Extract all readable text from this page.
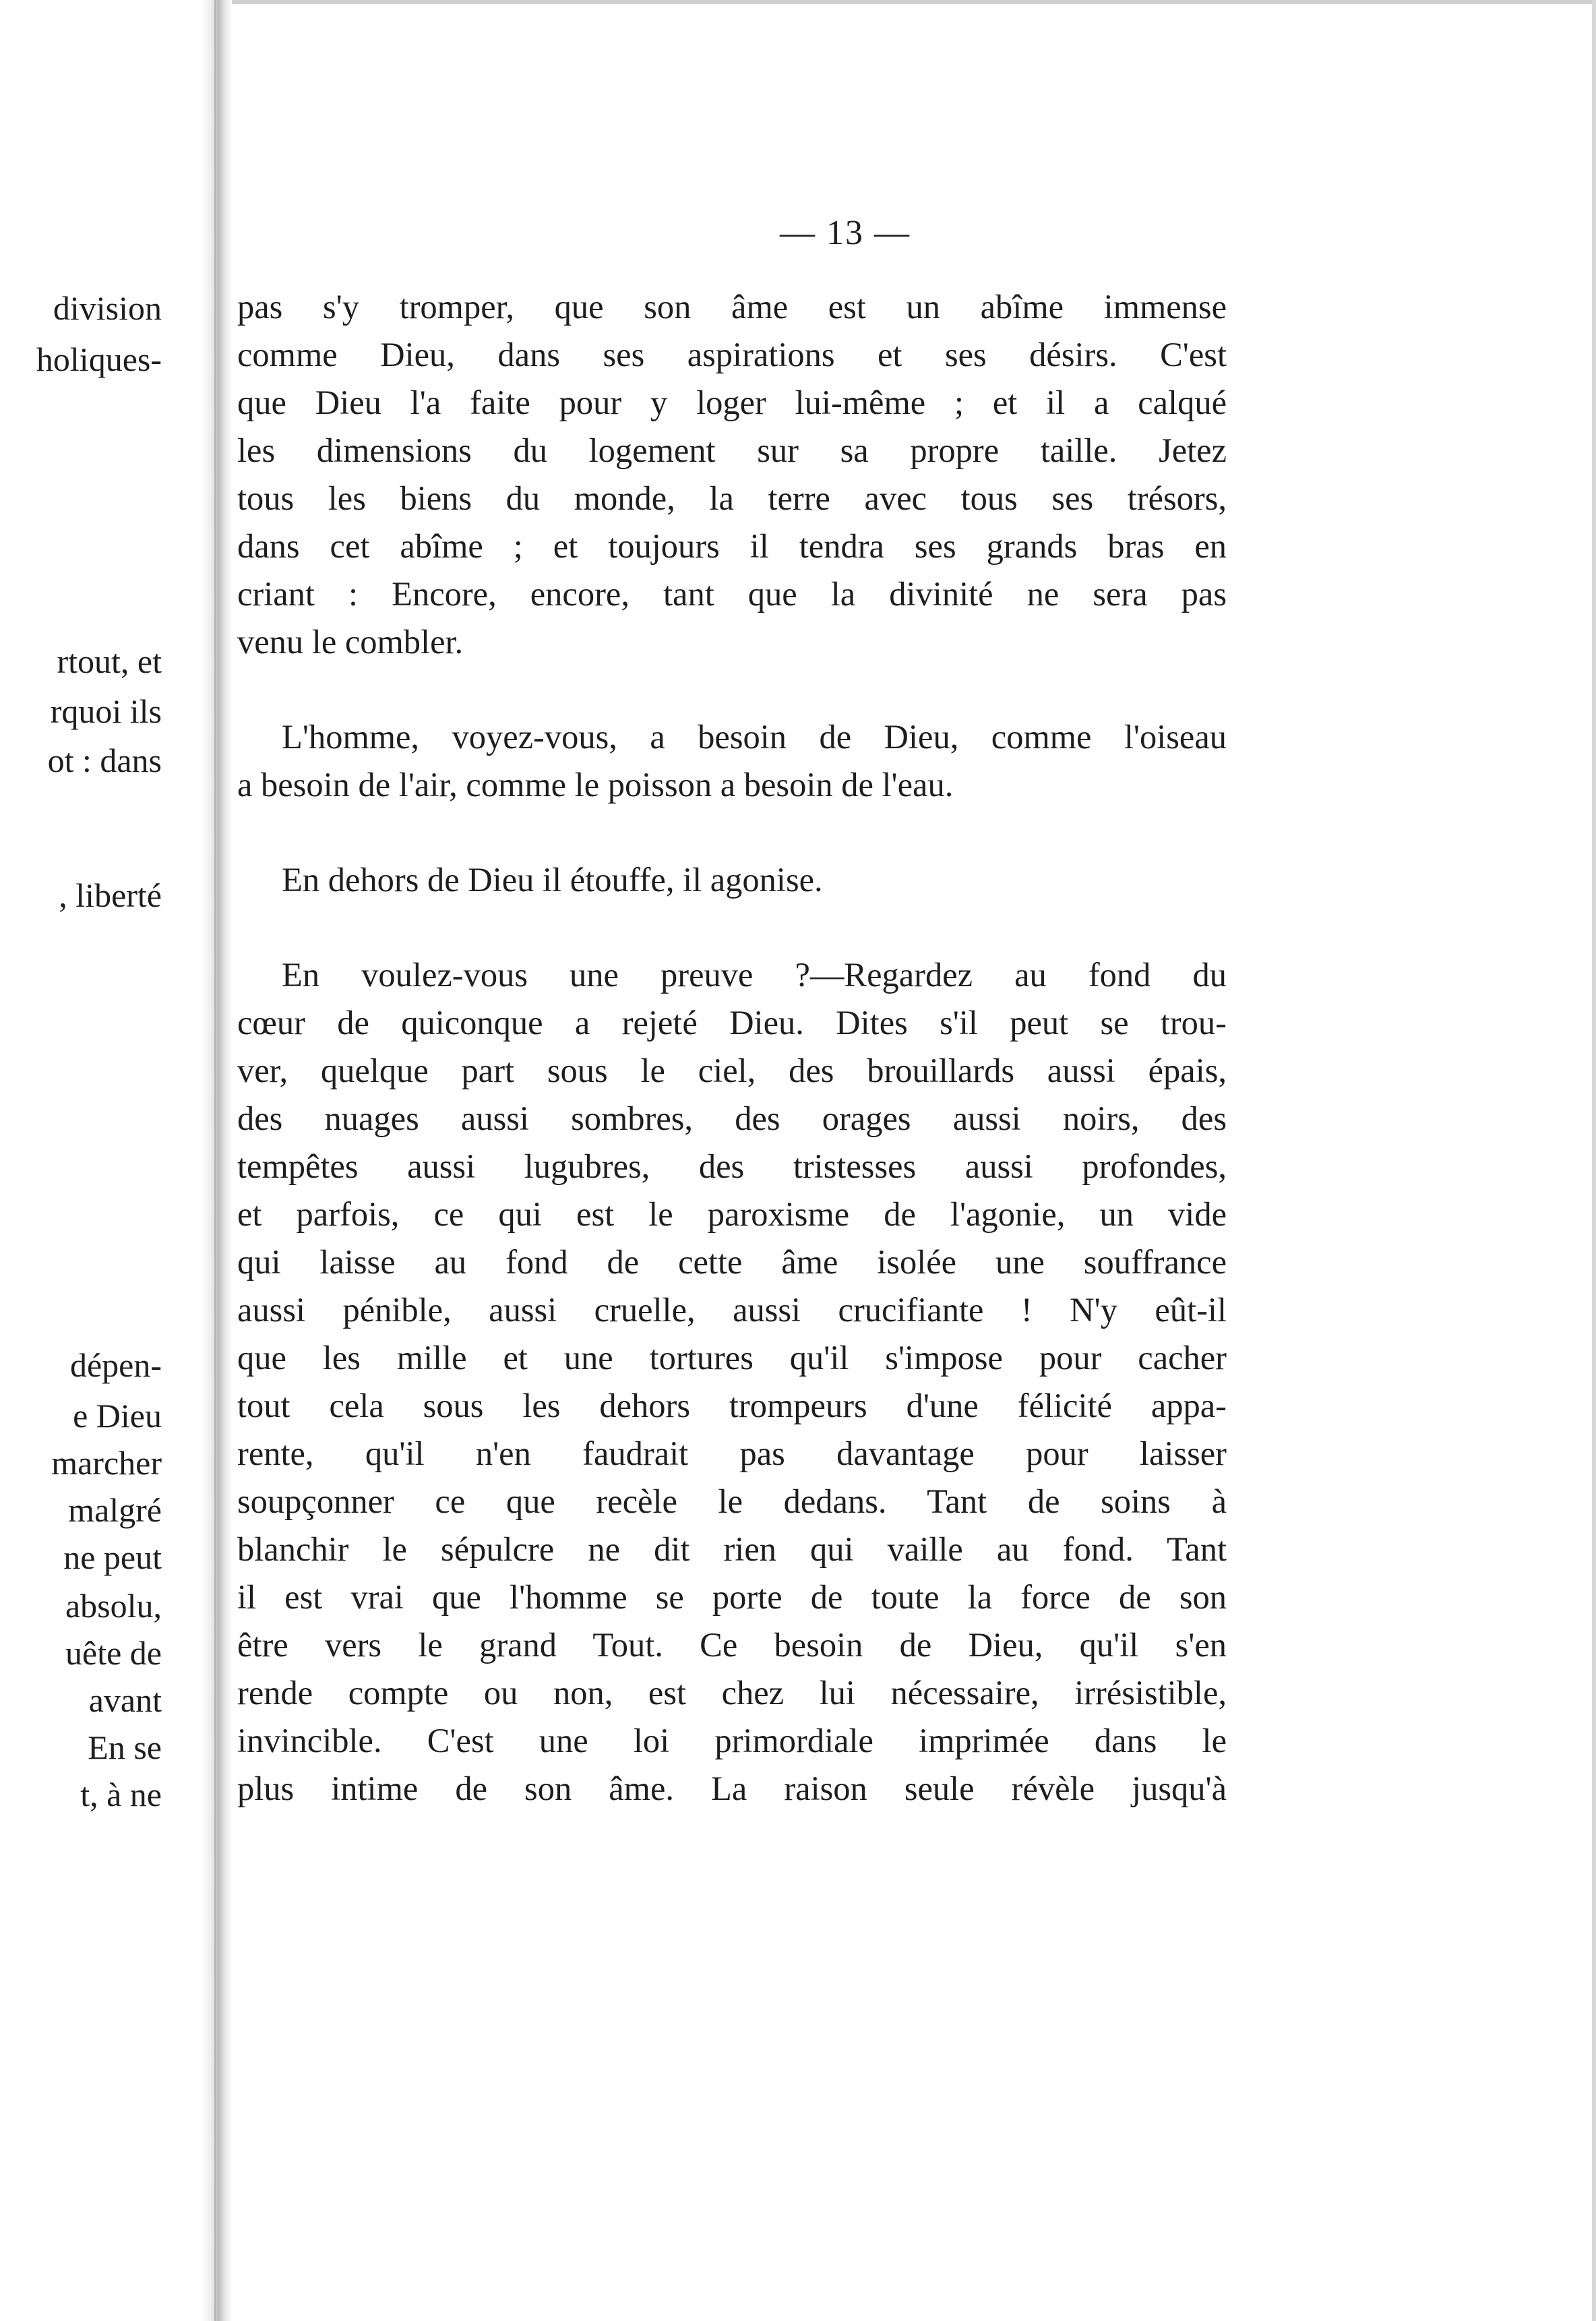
division
holiques-
rtout, et
rquoi ils
ot : dans
, liberté
dépen-
e Dieu
marcher
malgré
ne peut
absolu,
uête de
avant
En se
t, à ne
— 13 —
pas s'y tromper, que son âme est un abîme immense
comme Dieu, dans ses aspirations et ses désirs. C'est
que Dieu l'a faite pour y loger lui-même ; et il a calqué
les dimensions du logement sur sa propre taille. Jetez
tous les biens du monde, la terre avec tous ses trésors,
dans cet abîme ; et toujours il tendra ses grands bras en
criant : Encore, encore, tant que la divinité ne sera pas
venu le combler.
L'homme, voyez-vous, a besoin de Dieu, comme l'oiseau
a besoin de l'air, comme le poisson a besoin de l'eau.
En dehors de Dieu il étouffe, il agonise.
En voulez-vous une preuve ?—Regardez au fond du
cœur de quiconque a rejeté Dieu. Dites s'il peut se trou-
ver, quelque part sous le ciel, des brouillards aussi épais,
des nuages aussi sombres, des orages aussi noirs, des
tempêtes aussi lugubres, des tristesses aussi profondes,
et parfois, ce qui est le paroxisme de l'agonie, un vide
qui laisse au fond de cette âme isolée une souffrance
aussi pénible, aussi cruelle, aussi crucifiante ! N'y eût-il
que les mille et une tortures qu'il s'impose pour cacher
tout cela sous les dehors trompeurs d'une félicité appa-
rente, qu'il n'en faudrait pas davantage pour laisser
soupçonner ce que recèle le dedans. Tant de soins à
blanchir le sépulcre ne dit rien qui vaille au fond. Tant
il est vrai que l'homme se porte de toute la force de son
être vers le grand Tout. Ce besoin de Dieu, qu'il s'en
rende compte ou non, est chez lui nécessaire, irrésistible,
invincible. C'est une loi primordiale imprimée dans le
plus intime de son âme. La raison seule révèle jusqu'à
